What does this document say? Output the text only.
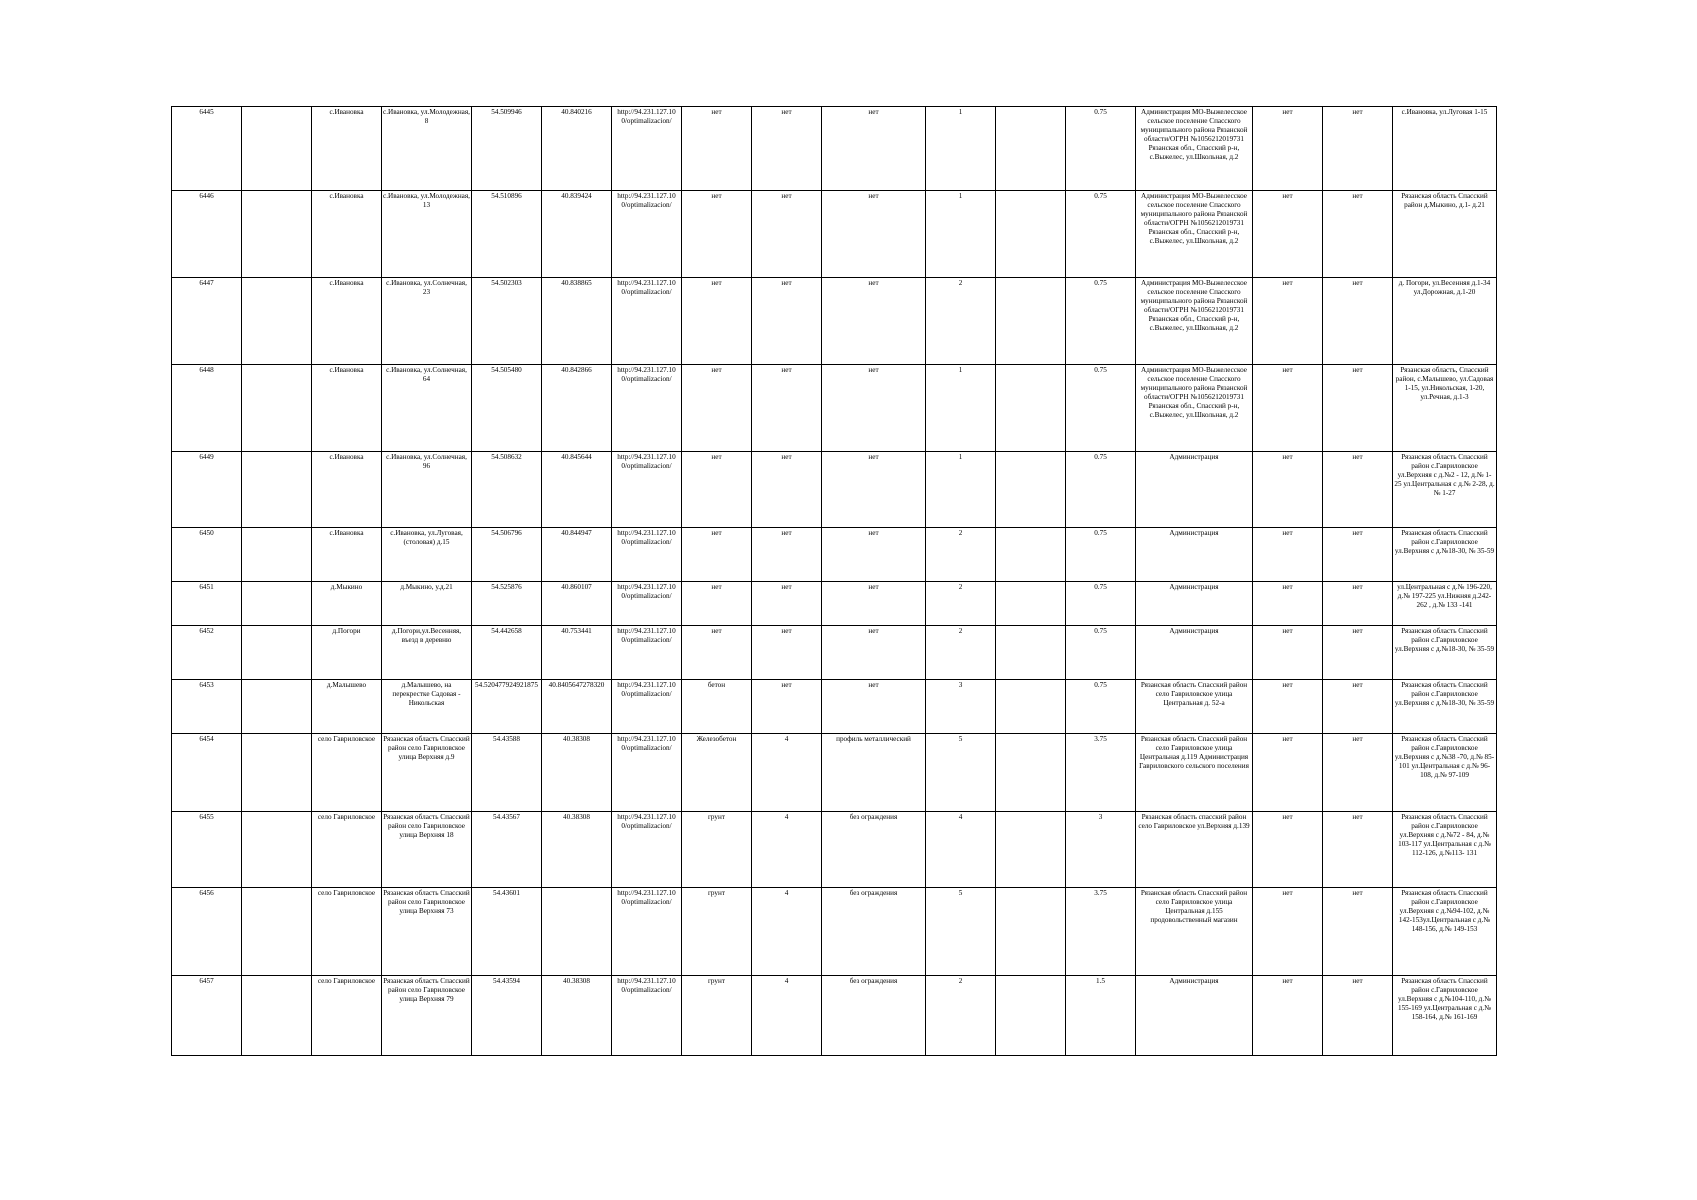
6445		с.Ивановка	с.Ивановка, ул.Молодежная, 8	54.509946	40.840216	http://94.231.127.10 0/optimalizacion/	нет	нет	нет	1		0.75	Администрация МО-Выжелесское сельское поселение Спасского муниципального района Рязанской области/ОГРН №1056212019731 Рязанская обл., Спасский р-н, с.Выжелес, ул.Школьная, д.2	нет	нет	с.Ивановка, ул.Луговая 1-15
6446		с.Ивановка	с.Ивановка, ул.Молодежная, 13	54.510896	40.839424	http://94.231.127.10 0/optimalizacion/	нет	нет	нет	1		0.75	Администрация МО-Выжелесское сельское поселение Спасского муниципального района Рязанской области/ОГРН №1056212019731 Рязанская обл., Спасский р-н, с.Выжелес, ул.Школьная, д.2	нет	нет	Рязанская область Спасский район д.Мыкино, д.1- д.21
6447		с.Ивановка	с.Ивановка, ул.Солнечная, 23	54.502303	40.838865	http://94.231.127.10 0/optimalizacion/	нет	нет	нет	2		0.75	Администрация МО-Выжелесское сельское поселение Спасского муниципального района Рязанской области/ОГРН №1056212019731 Рязанская обл., Спасский р-н, с.Выжелес, ул.Школьная, д.2	нет	нет	д. Погори, ул.Весенняя д.1-34 ул.Дорожная, д.1-20
6448		с.Ивановка	с.Ивановка, ул.Солнечная, 64	54.505480	40.842866	http://94.231.127.10 0/optimalizacion/	нет	нет	нет	1		0.75	Администрация МО-Выжелесское сельское поселение Спасского муниципального района Рязанской области/ОГРН №1056212019731 Рязанская обл., Спасский р-н, с.Выжелес, ул.Школьная, д.2	нет	нет	Рязанская область, Спасский район, с.Малышево, ул.Садовая 1-15, ул.Никольская, 1-20, ул.Речная, д.1-3
6449		с.Ивановка	с.Ивановка, ул.Солнечная, 96	54.508632	40.845644	http://94.231.127.10 0/optimalizacion/	нет	нет	нет	1		0.75	Администрация	нет	нет	Рязанская область Спасский район с.Гавриловское ул.Верхняя с д.№2 - 12, д.№ 1-25 ул.Центральная с д.№ 2-28, д.№ 1-27
6450		с.Ивановка	с.Ивановка, ул.Луговая, (столовая) д.15	54.506796	40.844947	http://94.231.127.10 0/optimalizacion/	нет	нет	нет	2		0.75	Администрация	нет	нет	Рязанская область Спасский район с.Гавриловское ул.Верхняя с д.№18-30, № 35-59
6451		д.Мыкино	д.Мыкино, у.д.21	54.525876	40.860107	http://94.231.127.10 0/optimalizacion/	нет	нет	нет	2		0.75	Администрация	нет	нет	ул.Центральная с д.№ 196-220, д.№ 197-225 ул.Нижняя д.242-262 , д.№ 133 -141
6452		д.Погори	д.Погори,ул.Весенняя, въезд в деревню	54.442658	40.753441	http://94.231.127.10 0/optimalizacion/	нет	нет	нет	2		0.75	Администрация	нет	нет	Рязанская область Спасский район с.Гавриловское ул.Верхняя с д.№18-30, № 35-59
6453		д.Малышево	д.Малышево, на перекрестке Садовая - Никольская	54.520477924921875	40.8405647278320	http://94.231.127.10 0/optimalizacion/	бетон	нет	нет	3		0.75	Рязанская область Спасский район село Гавриловское улица Центральная д. 52-а	нет	нет	Рязанская область Спасский район с.Гавриловское ул.Верхняя с д.№18-30, № 35-59
6454		село Гавриловское	Рязанская область Спасский район село Гавриловское улица Верхняя д.9	54.43588	40.38308	http://94.231.127.10 0/optimalizacion/	Железобетон	4	профиль металлический	5		3.75	Рязанская область Спасский район село Гавриловское улица Центральная д.119 Администрация Гавриловского сельского поселения	нет	нет	Рязанская область Спасский район с.Гавриловское ул.Верхняя с д.№38 -70, д.№ 85-101 ул.Центральная с д.№ 96-108, д.№ 97-109
6455		село Гавриловское	Рязанская область Спасский район село Гавриловское улица Верхняя 18	54.43567	40.38308	http://94.231.127.10 0/optimalizacion/	грунт	4	без ограждения	4		3	Рязанская область спасский район село Гавриловское ул.Верхняя д.139	нет	нет	Рязанская область Спасский район с.Гавриловское ул.Верхняя с д.№72 - 84, д.№ 103-117 ул.Центральная с д.№ 112-126, д.№113- 131
6456		село Гавриловское	Рязанская область Спасский район село Гавриловское улица Верхняя 73	54.43601		http://94.231.127.10 0/optimalizacion/	грунт	4	без ограждения	5		3.75	Рязанская область Спасский район село Гавриловское улица Центральная д.155 продовольственный магазин	нет	нет	Рязанская область Спасский район с.Гавриловское ул.Верхняя с д.№94-102, д.№ 142-153ул.Центральная с д.№ 148-156, д.№ 149-153
6457		село Гавриловское	Рязанская область Спасский район село Гавриловское улица Верхняя 79	54.43594	40.38308	http://94.231.127.10 0/optimalizacion/	грунт	4	без ограждения	2		1.5	Администрация	нет	нет	Рязанская область Спасский район с.Гавриловское ул.Верхняя с д.№104-110, д.№ 155-169 ул.Центральная с д.№ 158-164, д.№ 161-169
